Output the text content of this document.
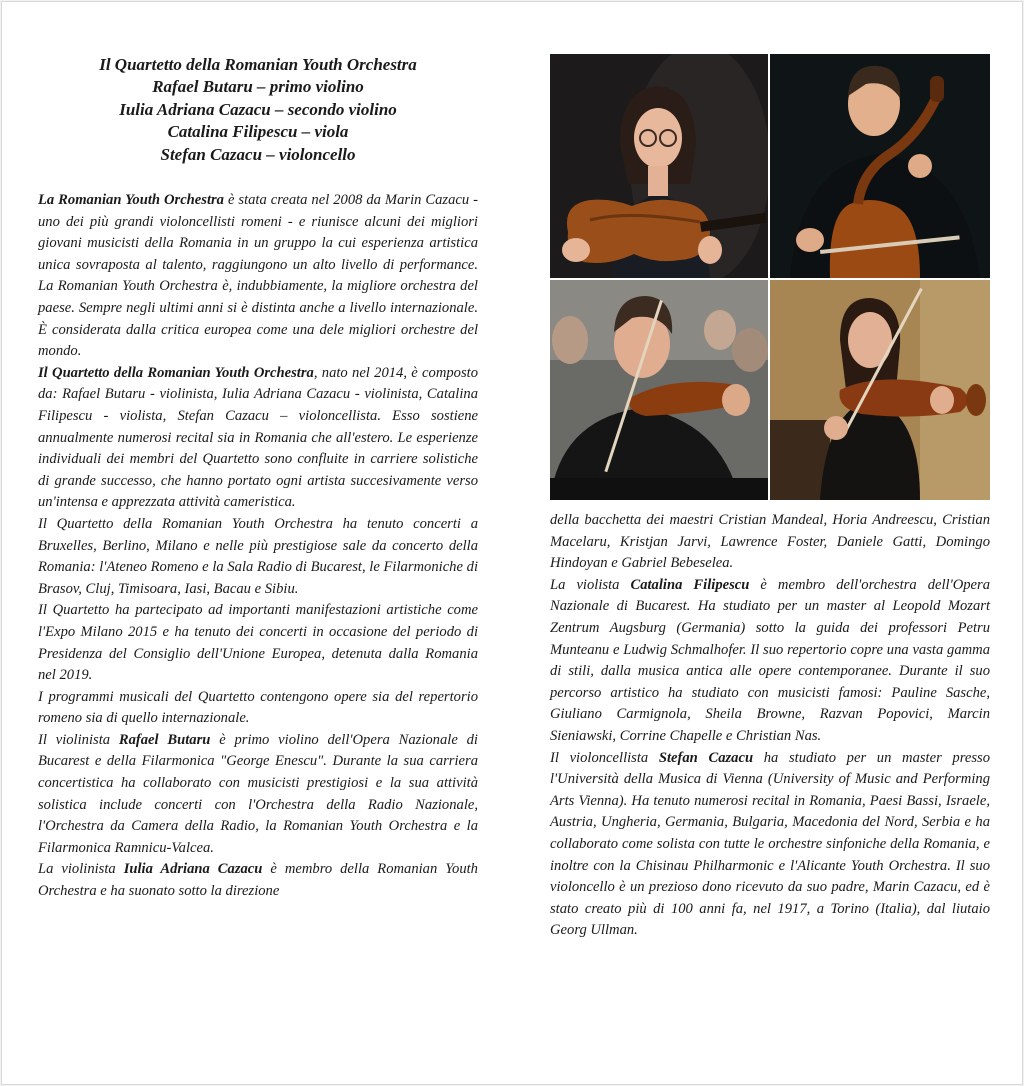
Il Quartetto della Romanian Youth Orchestra
Rafael Butaru – primo violino
Iulia Adriana Cazacu – secondo violino
Catalina Filipescu – viola
Stefan Cazacu – violoncello

La Romanian Youth Orchestra è stata creata nel 2008 da Marin Cazacu - uno dei più grandi violoncellisti romeni - e riunisce alcuni dei migliori giovani musicisti della Romania in un gruppo la cui esperienza artistica unica sovraposta al talento, raggiungono un alto livello di performance. La Romanian Youth Orchestra è, indubbiamente, la migliore orchestra del paese. Sempre negli ultimi anni si è distinta anche a livello internazionale. È considerata dalla critica europea come una dele migliori orchestre del mondo.

Il Quartetto della Romanian Youth Orchestra, nato nel 2014, è composto da: Rafael Butaru - violinista, Iulia Adriana Cazacu - violinista, Catalina Filipescu - violista, Stefan Cazacu – violoncellista. Esso sostiene annualmente numerosi recital sia in Romania che all'estero. Le esperienze individuali dei membri del Quartetto sono confluite in carriere solistiche di grande successo, che hanno portato ogni artista succesivamente verso un'intensa e apprezzata attività cameristica.

Il Quartetto della Romanian Youth Orchestra ha tenuto concerti a Bruxelles, Berlino, Milano e nelle più prestigiose sale da concerto della Romania: l'Ateneo Romeno e la Sala Radio di Bucarest, le Filarmoniche di Brasov, Cluj, Timisoara, Iasi, Bacau e Sibiu.

Il Quartetto ha partecipato ad importanti manifestazioni artistiche come l'Expo Milano 2015 e ha tenuto dei concerti in occasione del periodo di Presidenza del Consiglio dell'Unione Europea, detenuta dalla Romania nel 2019.

I programmi musicali del Quartetto contengono opere sia del repertorio romeno sia di quello internazionale.

Il violinista Rafael Butaru è primo violino dell'Opera Nazionale di Bucarest e della Filarmonica "George Enescu". Durante la sua carriera concertistica ha collaborato con musicisti prestigiosi e la sua attività solistica include concerti con l'Orchestra della Radio Nazionale, l'Orchestra da Camera della Radio, la Romanian Youth Orchestra e la Filarmonica Ramnicu-Valcea.

La violinista Iulia Adriana Cazacu è membro della Romanian Youth Orchestra e ha suonato sotto la direzione

della bacchetta dei maestri Cristian Mandeal, Horia Andreescu, Cristian Macelaru, Kristjan Jarvi, Lawrence Foster, Daniele Gatti, Domingo Hindoyan e Gabriel Bebeselea.

La violista Catalina Filipescu è membro dell'orchestra dell'Opera Nazionale di Bucarest. Ha studiato per un master al Leopold Mozart Zentrum Augsburg (Germania) sotto la guida dei professori Petru Munteanu e Ludwig Schmalhofer. Il suo repertorio copre una vasta gamma di stili, dalla musica antica alle opere contemporanee. Durante il suo percorso artistico ha studiato con musicisti famosi: Pauline Sasche, Giuliano Carmignola, Sheila Browne, Razvan Popovici, Marcin Sieniawski, Corrine Chapelle e Christian Nas.

Il violoncellista Stefan Cazacu ha studiato per un master presso l'Università della Musica di Vienna (University of Music and Performing Arts Vienna). Ha tenuto numerosi recital in Romania, Paesi Bassi, Israele, Austria, Ungheria, Germania, Bulgaria, Macedonia del Nord, Serbia e ha collaborato come solista con tutte le orchestre sinfoniche della Romania, e inoltre con la Chisinau Philharmonic e l'Alicante Youth Orchestra. Il suo violoncello è un prezioso dono ricevuto da suo padre, Marin Cazacu, ed è stato creato più di 100 anni fa, nel 1917, a Torino (Italia), dal liutaio Georg Ullman.
